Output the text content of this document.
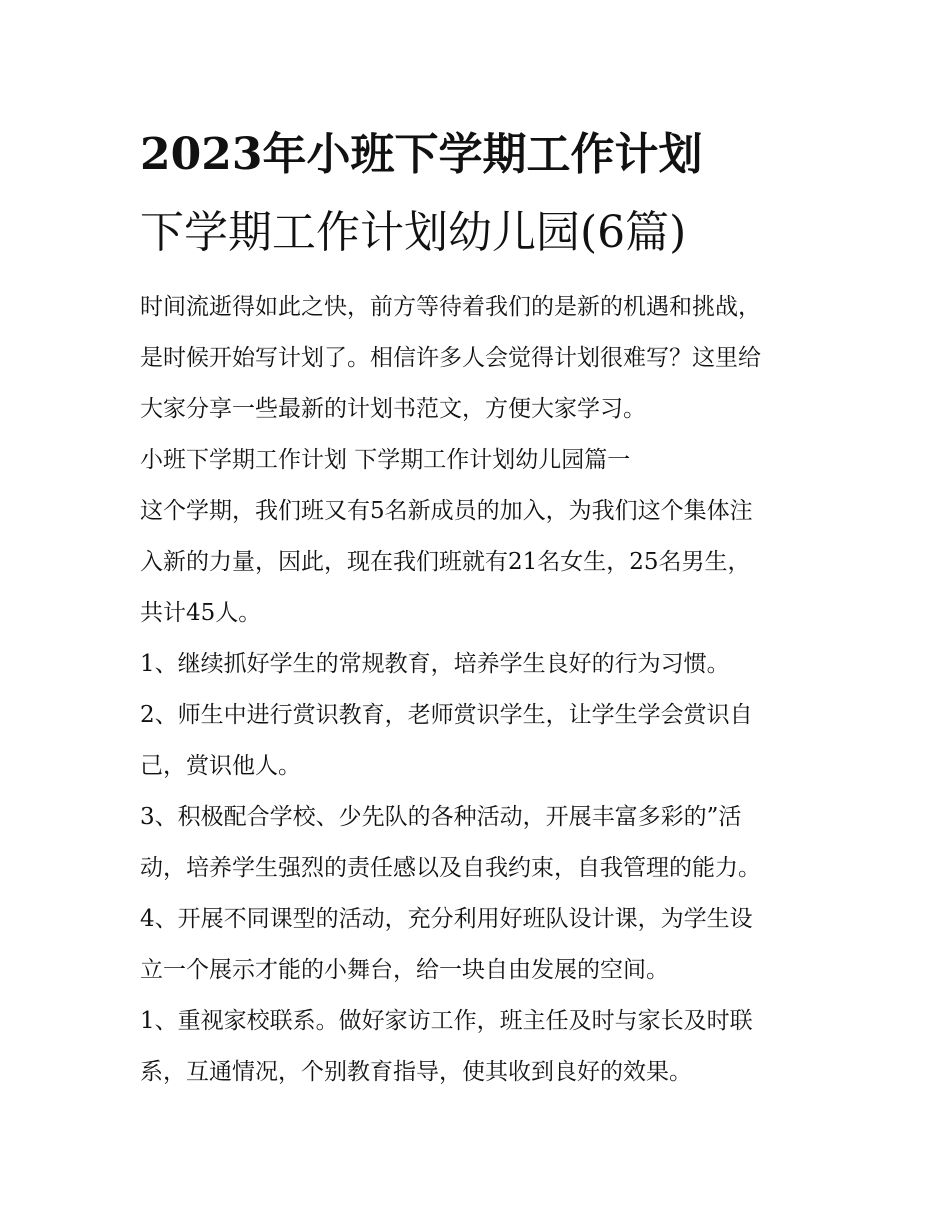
2023年小班下学期工作计划

下学期工作计划幼儿园(6篇)

时间流逝得如此之快，前方等待着我们的是新的机遇和挑战，

是时候开始写计划了。相信许多人会觉得计划很难写？这里给

大家分享一些最新的计划书范文，方便大家学习。

小班下学期工作计划 下学期工作计划幼儿园篇一

这个学期，我们班又有5名新成员的加入，为我们这个集体注

入新的力量，因此，现在我们班就有21名女生，25名男生，

共计45人。

1、继续抓好学生的常规教育，培养学生良好的行为习惯。

2、师生中进行赏识教育，老师赏识学生，让学生学会赏识自

己，赏识他人。

3、积极配合学校、少先队的各种活动，开展丰富多彩的”活

动，培养学生强烈的责任感以及自我约束，自我管理的能力。

4、开展不同课型的活动，充分利用好班队设计课，为学生设

立一个展示才能的小舞台，给一块自由发展的空间。

1、重视家校联系。做好家访工作，班主任及时与家长及时联

系，互通情况，个别教育指导，使其收到良好的效果。
